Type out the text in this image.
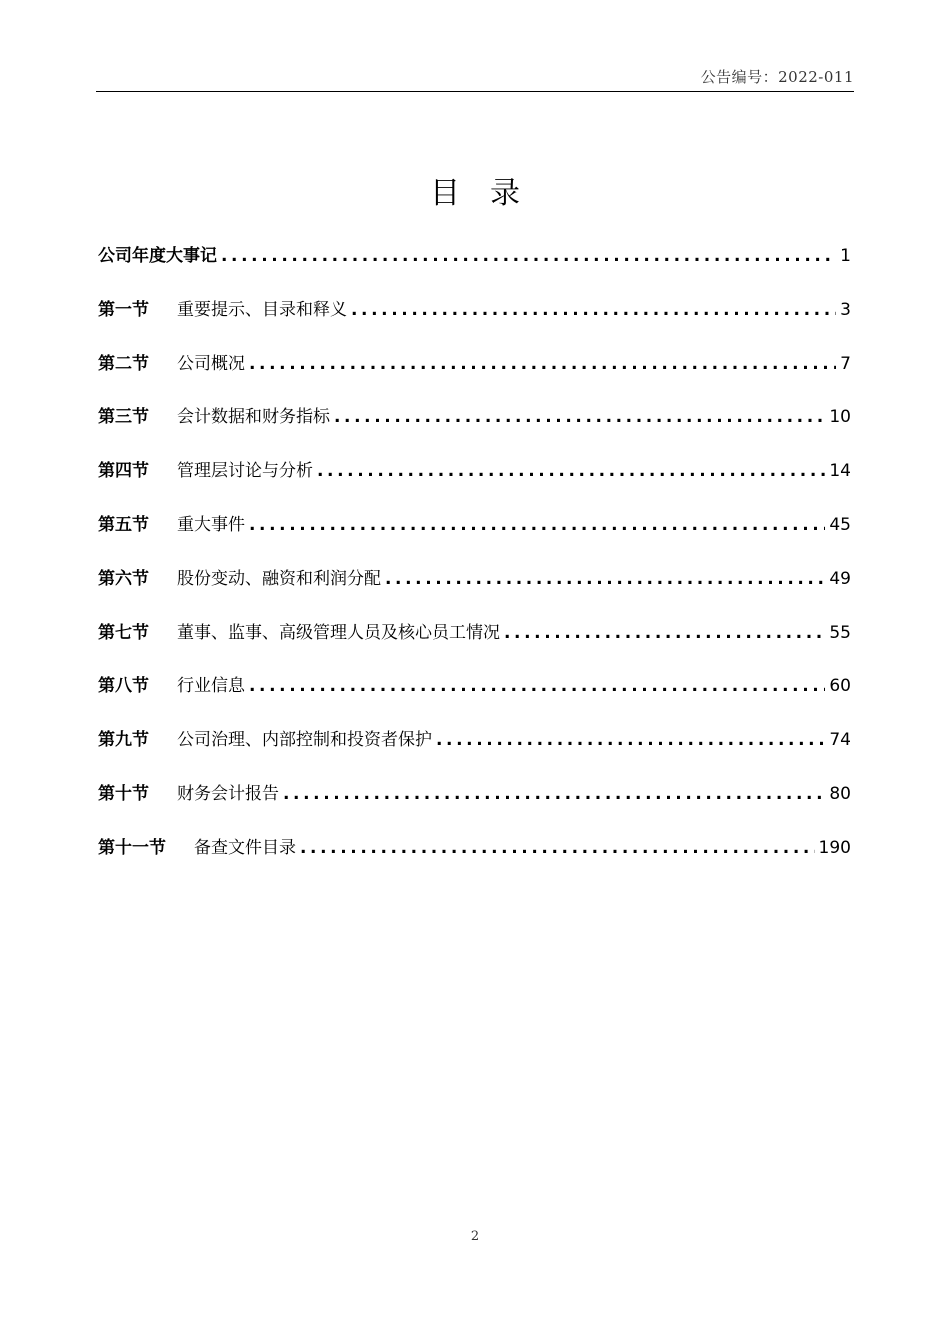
公告编号：2022-011
目录
公司年度大事记 .....	1
第一节 重要提示、目录和释义 .....	3
第二节 公司概况 .....	7
第三节 会计数据和财务指标 .....	10
第四节 管理层讨论与分析 .....	14
第五节 重大事件 .....	45
第六节 股份变动、融资和利润分配 .....	49
第七节 董事、监事、高级管理人员及核心员工情况 .....	55
第八节 行业信息 .....	60
第九节 公司治理、内部控制和投资者保护 .....	74
第十节 财务会计报告 .....	80
第十一节 备查文件目录 .....	190
2
